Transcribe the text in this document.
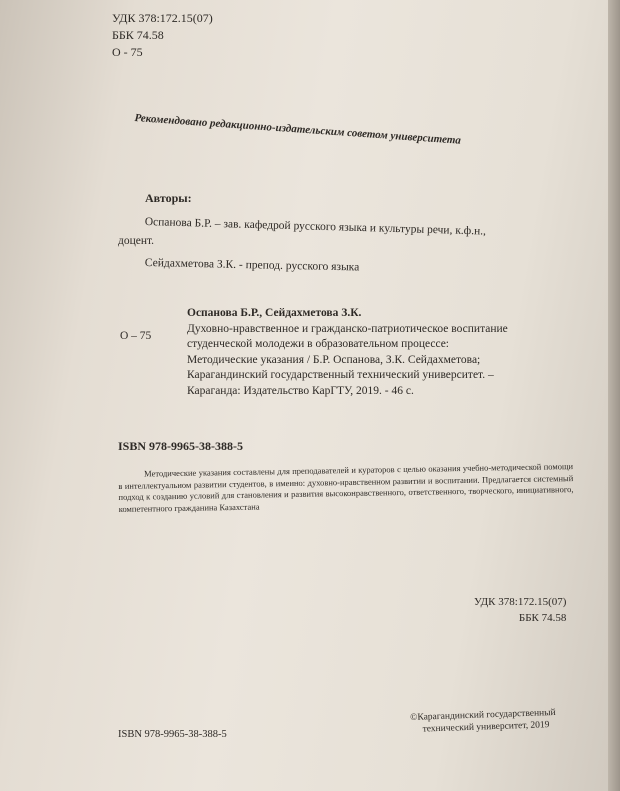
УДК 378:172.15(07)
ББК 74.58
О - 75
Рекомендовано редакционно-издательским советом университета
Авторы:
Оспанова Б.Р. – зав. кафедрой русского языка и культуры речи, к.ф.н.,
доцент.
Сейдахметова З.К. - препод. русского языка
О – 75
Оспанова Б.Р., Сейдахметова З.К.
Духовно-нравственное и гражданско-патриотическое воспитание
студенческой молодежи в образовательном процессе:
Методические указания / Б.Р. Оспанова, З.К. Сейдахметова;
Карагандинский государственный технический университет. –
Караганда: Издательство КарГТУ, 2019. - 46 с.
ISBN 978-9965-38-388-5
Методические указания составлены для преподавателей и кураторов с целью оказания учебно-методической помощи в интеллектуальном развитии студентов, в именно: духовно-нравственном развитии и воспитании. Предлагается системный подход к созданию условий для становления и развития высоконравственного, ответственного, творческого, инициативного, компетентного гражданина Казахстана
УДК 378:172.15(07)
ББК 74.58
ISBN 978-9965-38-388-5
©Карагандинский государственный
технический университет, 2019
